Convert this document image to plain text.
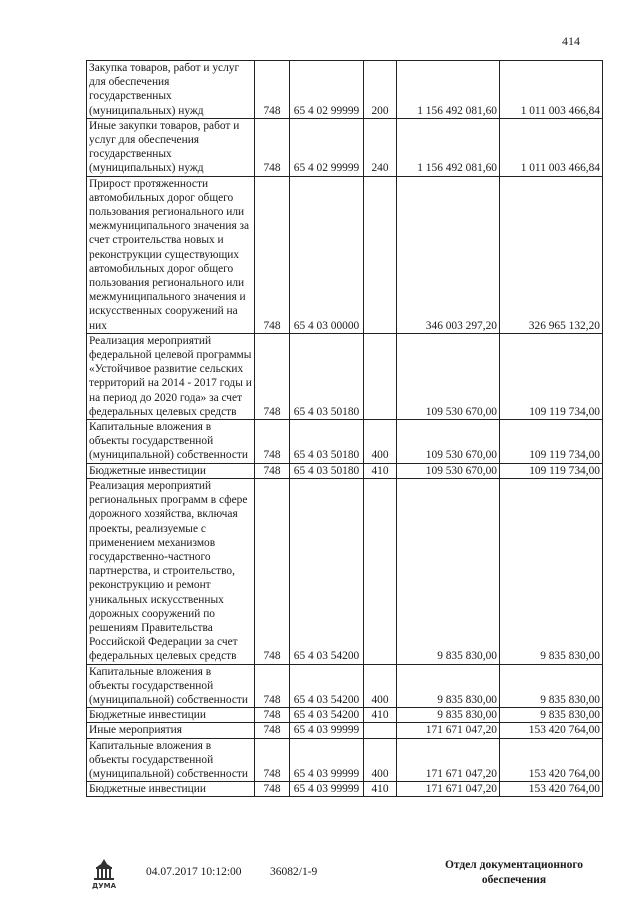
414
Закупка товаров, работ и услуг для обеспечения государственных (муниципальных) нужд	748	65 4 02 99999	200	1 156 492 081,60	1 011 003 466,84
Иные закупки товаров, работ и услуг для обеспечения государственных (муниципальных) нужд	748	65 4 02 99999	240	1 156 492 081,60	1 011 003 466,84
Прирост протяженности автомобильных дорог общего пользования регионального или межмуниципального значения за счет строительства новых и реконструкции существующих автомобильных дорог общего пользования регионального или межмуниципального значения и искусственных сооружений на них	748	65 4 03 00000		346 003 297,20	326 965 132,20
Реализация мероприятий федеральной целевой программы «Устойчивое развитие сельских территорий на 2014 - 2017 годы и на период до 2020 года» за счет федеральных целевых средств	748	65 4 03 50180		109 530 670,00	109 119 734,00
Капитальные вложения в объекты государственной (муниципальной) собственности	748	65 4 03 50180	400	109 530 670,00	109 119 734,00
Бюджетные инвестиции	748	65 4 03 50180	410	109 530 670,00	109 119 734,00
Реализация мероприятий региональных программ в сфере дорожного хозяйства, включая проекты, реализуемые с применением механизмов государственно-частного партнерства, и строительство, реконструкцию и ремонт уникальных искусственных дорожных сооружений по решениям Правительства Российской Федерации за счет федеральных целевых средств	748	65 4 03 54200		9 835 830,00	9 835 830,00
Капитальные вложения в объекты государственной (муниципальной) собственности	748	65 4 03 54200	400	9 835 830,00	9 835 830,00
Бюджетные инвестиции	748	65 4 03 54200	410	9 835 830,00	9 835 830,00
Иные мероприятия	748	65 4 03 99999		171 671 047,20	153 420 764,00
Капитальные вложения в объекты государственной (муниципальной) собственности	748	65 4 03 99999	400	171 671 047,20	153 420 764,00
Бюджетные инвестиции	748	65 4 03 99999	410	171 671 047,20	153 420 764,00
ДУМА
04.07.2017 10:12:00 36082/1-9
Отдел документационного обеспечения
